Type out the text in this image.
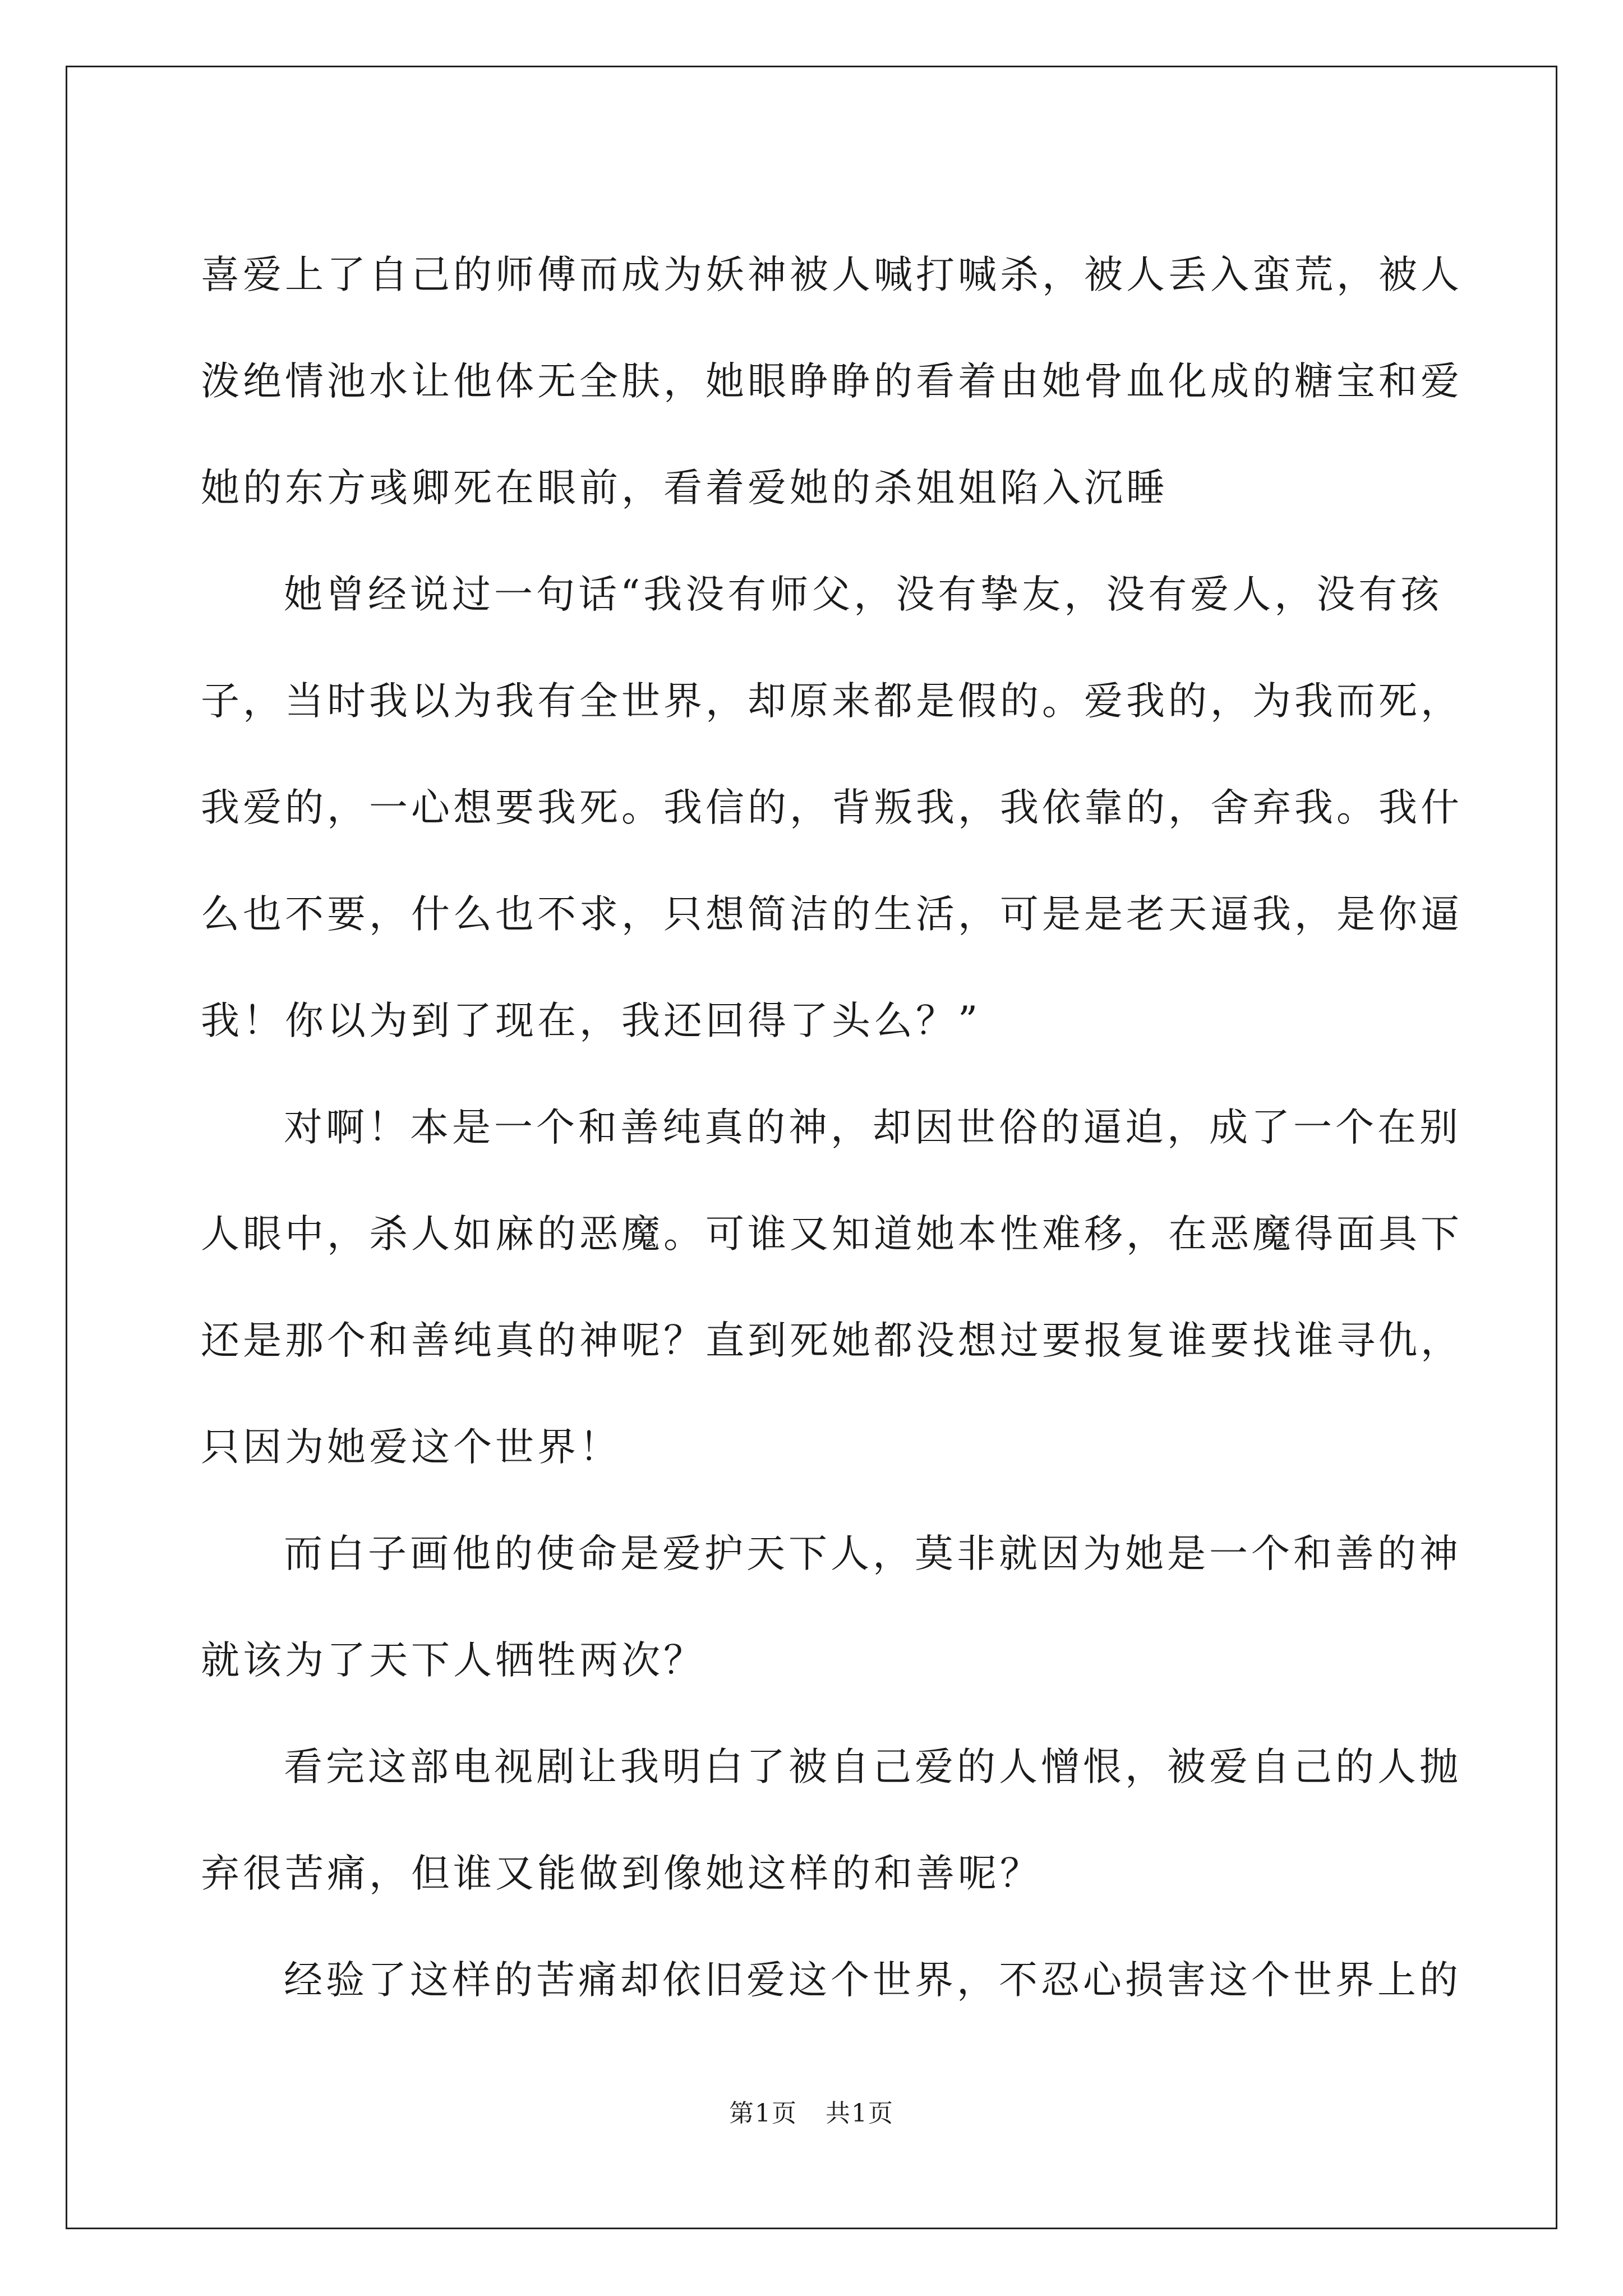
喜爱上了自己的师傅而成为妖神被人喊打喊杀，被人丢入蛮荒，被人

泼绝情池水让他体无全肤，她眼睁睁的看着由她骨血化成的糖宝和爱

她的东方彧卿死在眼前，看着爱她的杀姐姐陷入沉睡

她曾经说过一句话“我没有师父，没有挚友，没有爱人，没有孩

子，当时我以为我有全世界，却原来都是假的。爱我的，为我而死，

我爱的，一心想要我死。我信的，背叛我，我依靠的，舍弃我。我什

么也不要，什么也不求，只想简洁的生活，可是是老天逼我，是你逼

我！你以为到了现在，我还回得了头么？”

对啊！本是一个和善纯真的神，却因世俗的逼迫，成了一个在别

人眼中，杀人如麻的恶魔。可谁又知道她本性难移，在恶魔得面具下

还是那个和善纯真的神呢？直到死她都没想过要报复谁要找谁寻仇，

只因为她爱这个世界！

而白子画他的使命是爱护天下人，莫非就因为她是一个和善的神

就该为了天下人牺牲两次？

看完这部电视剧让我明白了被自己爱的人憎恨，被爱自己的人抛

弃很苦痛，但谁又能做到像她这样的和善呢？

经验了这样的苦痛却依旧爱这个世界，不忍心损害这个世界上的

第1页 共1页
